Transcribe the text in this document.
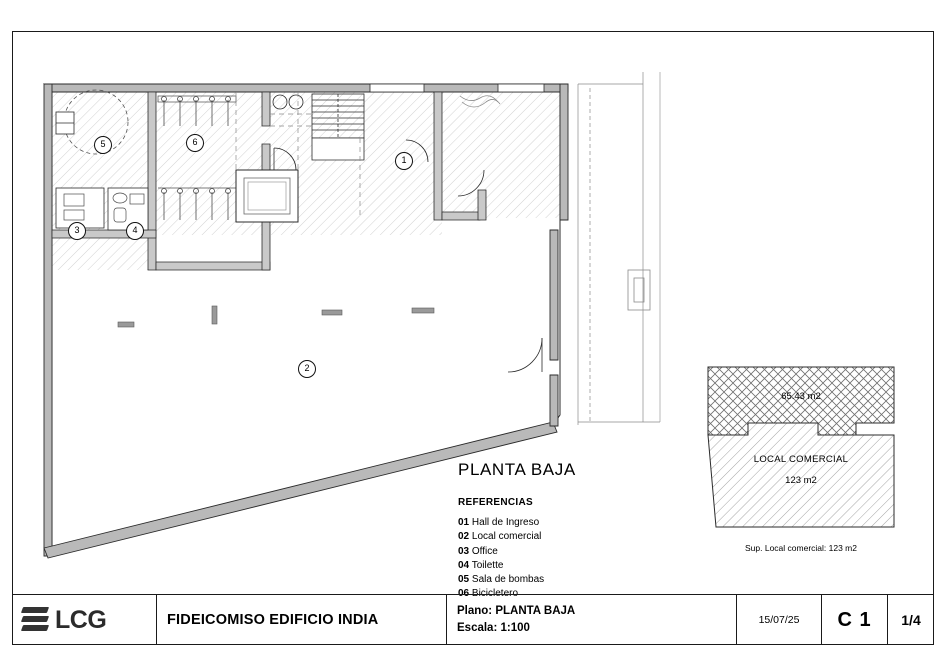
1
2
3	4
5	6
PLANTA BAJA
REFERENCIAS
01 Hall de Ingreso
02 Local comercial
03 Office
04 Toilette
05 Sala de bombas
06 Bicicletero
65.43 m2
LOCAL COMERCIAL
123 m2
Sup. Local comercial: 123 m2
LCG	FIDEICOMISO EDIFICIO INDIA
Plano: PLANTA BAJA
Escala: 1:100
15/07/25	C 1	1/4
